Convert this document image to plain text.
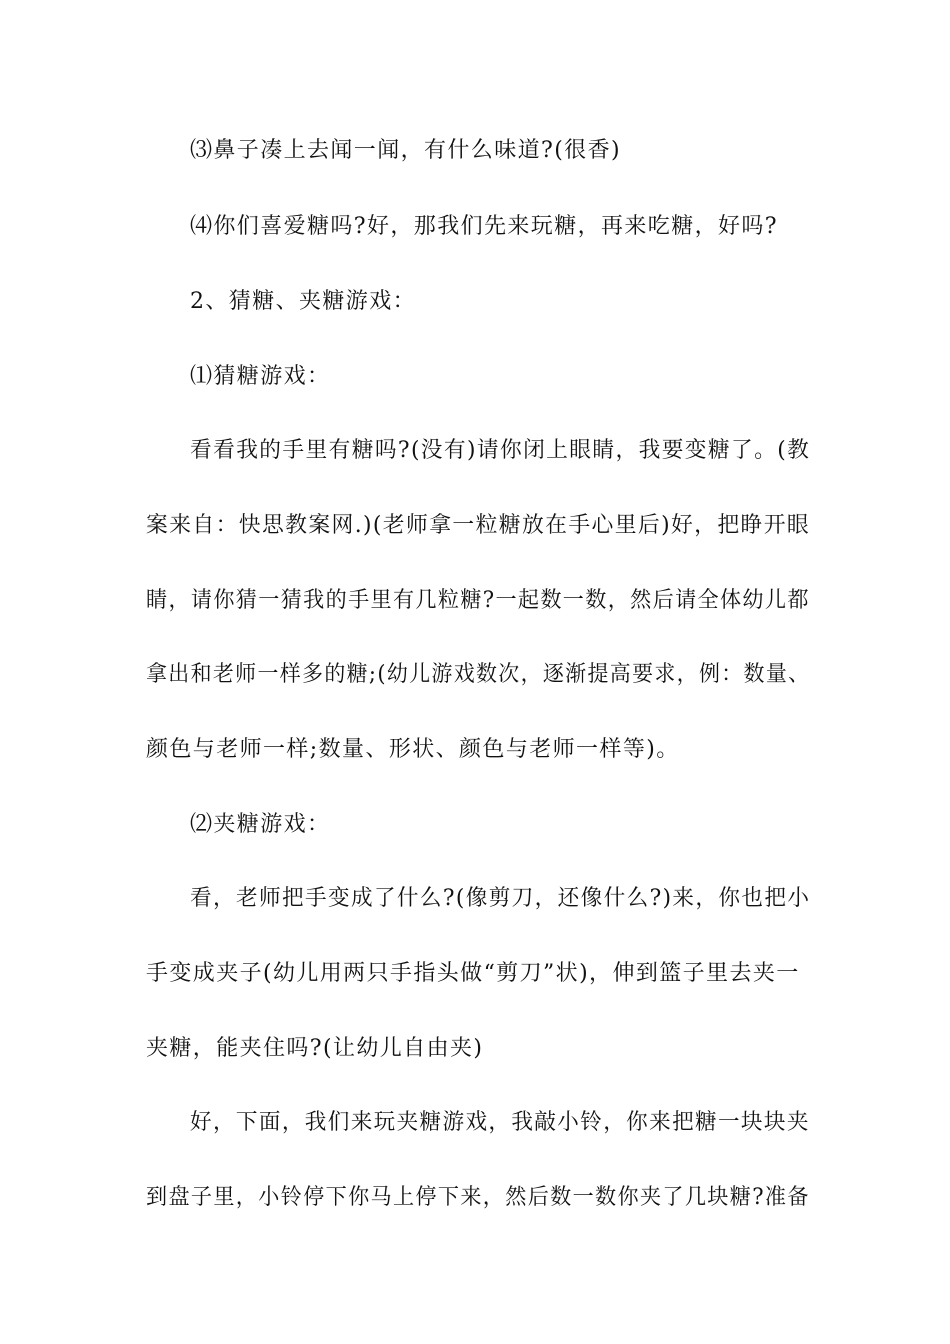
⑶鼻子凑上去闻一闻，有什么味道?(很香)
⑷你们喜爱糖吗?好，那我们先来玩糖，再来吃糖，好吗?
2、猜糖、夹糖游戏：
⑴猜糖游戏：
看看我的手里有糖吗?(没有)请你闭上眼睛，我要变糖了。(教
案来自：快思教案网.)(老师拿一粒糖放在手心里后)好，把睁开眼
睛，请你猜一猜我的手里有几粒糖?一起数一数，然后请全体幼儿都
拿出和老师一样多的糖;(幼儿游戏数次，逐渐提高要求，例：数量、
颜色与老师一样;数量、形状、颜色与老师一样等)。
⑵夹糖游戏：
看，老师把手变成了什么?(像剪刀，还像什么?)来，你也把小
手变成夹子(幼儿用两只手指头做“剪刀”状)，伸到篮子里去夹一
夹糖，能夹住吗?(让幼儿自由夹)
好，下面，我们来玩夹糖游戏，我敲小铃，你来把糖一块块夹
到盘子里，小铃停下你马上停下来，然后数一数你夹了几块糖?准备
